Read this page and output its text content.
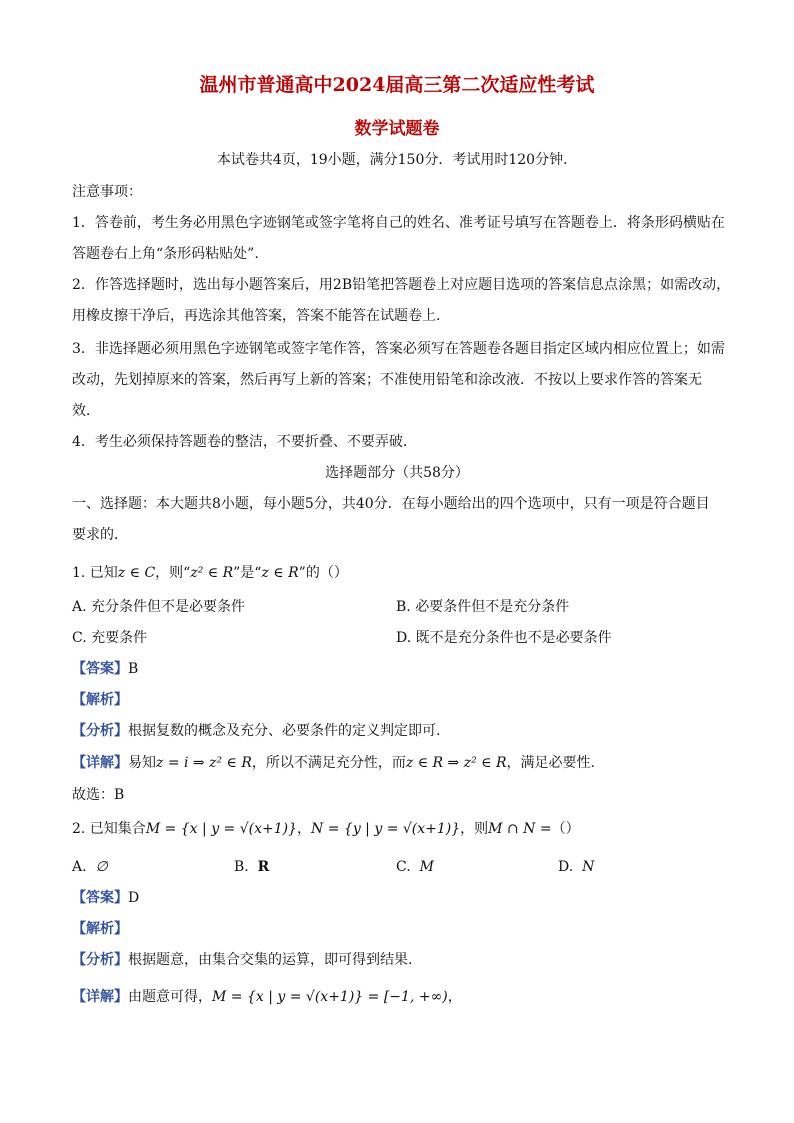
温州市普通高中2024届高三第二次适应性考试
数学试题卷
本试卷共4页，19小题，满分150分．考试用时120分钟．
注意事项：
1．答卷前，考生务必用黑色字迹钢笔或签字笔将自己的姓名、准考证号填写在答题卷上．将条形码横贴在
答题卷右上角“条形码粘贴处”.
2．作答选择题时，选出每小题答案后，用2B铅笔把答题卷上对应题目选项的答案信息点涂黑；如需改动，
用橡皮擦干净后，再选涂其他答案，答案不能答在试题卷上．
3．非选择题必须用黑色字迹钢笔或签字笔作答，答案必须写在答题卷各题目指定区域内相应位置上；如需
改动，先划掉原来的答案，然后再写上新的答案；不准使用铅笔和涂改液．不按以上要求作答的答案无
效．
4．考生必须保持答题卷的整洁，不要折叠、不要弄破．
选择题部分（共58分）
一、选择题：本大题共8小题，每小题5分，共40分．在每小题给出的四个选项中，只有一项是符合题目
要求的．
1. 已知z ∈ C，则“z² ∈ R”是“z ∈ R”的（）
A. 充分条件但不是必要条件	B. 必要条件但不是充分条件
C. 充要条件	D. 既不是充分条件也不是必要条件
【答案】B
【解析】
【分析】根据复数的概念及充分、必要条件的定义判定即可.
【详解】易知z = i ⇒ z² ∈ R，所以不满足充分性，而z ∈ R ⇒ z² ∈ R，满足必要性.
故选：B
2. 已知集合M = {x | y = √(x+1)}，N = {y | y = √(x+1)}，则M ∩ N =（）
A. ∅	B. R	C. M	D. N
【答案】D
【解析】
【分析】根据题意，由集合交集的运算，即可得到结果.
【详解】由题意可得，M = {x | y = √(x+1)} = [−1, +∞)，
